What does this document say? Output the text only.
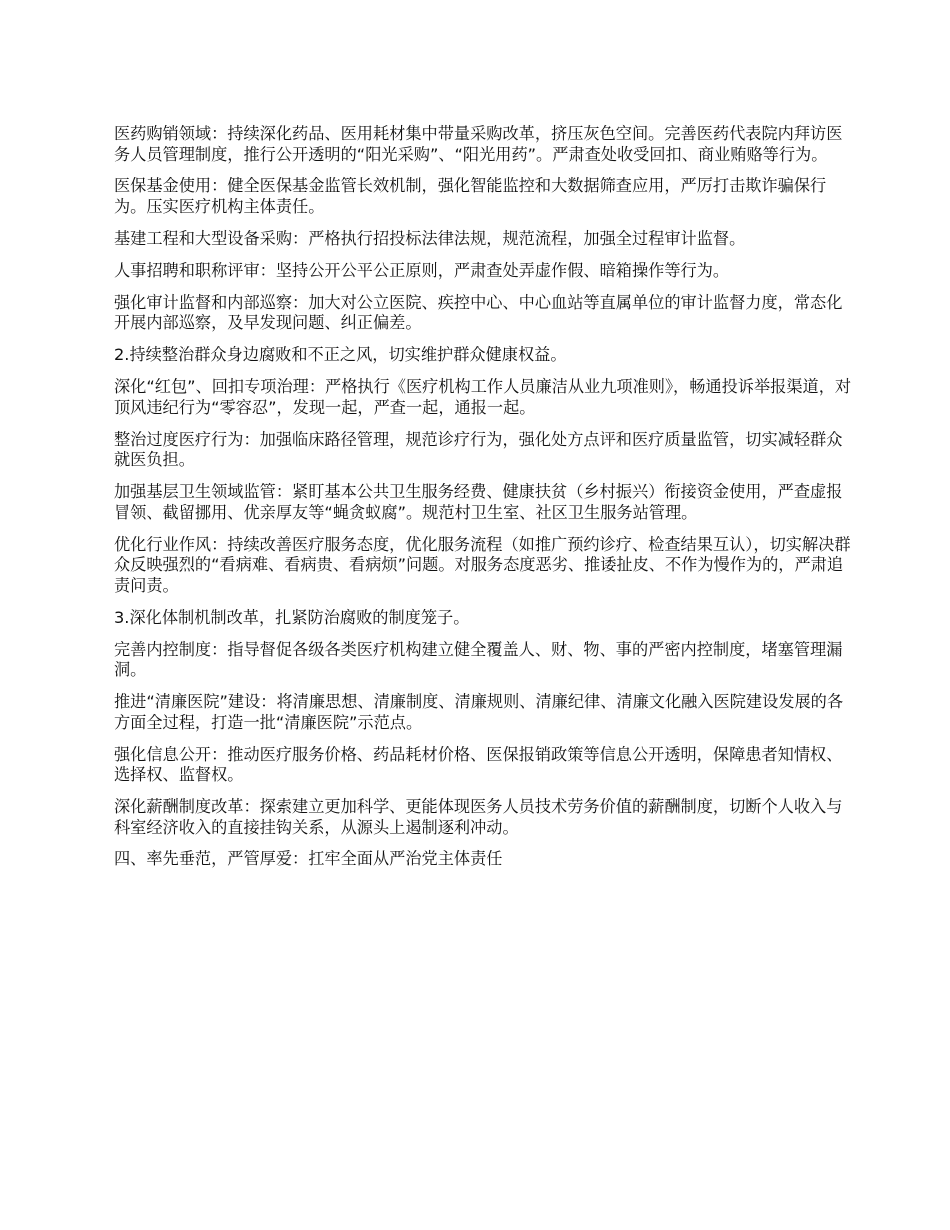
医药购销领域：持续深化药品、医用耗材集中带量采购改革，挤压灰色空间。完善医药代表院内拜访医务人员管理制度，推行公开透明的“阳光采购”、“阳光用药”。严肃查处收受回扣、商业贿赂等行为。

医保基金使用：健全医保基金监管长效机制，强化智能监控和大数据筛查应用，严厉打击欺诈骗保行为。压实医疗机构主体责任。

基建工程和大型设备采购：严格执行招投标法律法规，规范流程，加强全过程审计监督。

人事招聘和职称评审：坚持公开公平公正原则，严肃查处弄虚作假、暗箱操作等行为。

强化审计监督和内部巡察：加大对公立医院、疾控中心、中心血站等直属单位的审计监督力度，常态化开展内部巡察，及早发现问题、纠正偏差。

2.持续整治群众身边腐败和不正之风，切实维护群众健康权益。

深化“红包”、回扣专项治理：严格执行《医疗机构工作人员廉洁从业九项准则》，畅通投诉举报渠道，对顶风违纪行为“零容忍”，发现一起，严查一起，通报一起。

整治过度医疗行为：加强临床路径管理，规范诊疗行为，强化处方点评和医疗质量监管，切实减轻群众就医负担。

加强基层卫生领域监管：紧盯基本公共卫生服务经费、健康扶贫（乡村振兴）衔接资金使用，严查虚报冒领、截留挪用、优亲厚友等“蝇贪蚁腐”。规范村卫生室、社区卫生服务站管理。

优化行业作风：持续改善医疗服务态度，优化服务流程（如推广预约诊疗、检查结果互认），切实解决群众反映强烈的“看病难、看病贵、看病烦”问题。对服务态度恶劣、推诿扯皮、不作为慢作为的，严肃追责问责。

3.深化体制机制改革，扎紧防治腐败的制度笼子。

完善内控制度：指导督促各级各类医疗机构建立健全覆盖人、财、物、事的严密内控制度，堵塞管理漏洞。

推进“清廉医院”建设：将清廉思想、清廉制度、清廉规则、清廉纪律、清廉文化融入医院建设发展的各方面全过程，打造一批“清廉医院”示范点。

强化信息公开：推动医疗服务价格、药品耗材价格、医保报销政策等信息公开透明，保障患者知情权、选择权、监督权。

深化薪酬制度改革：探索建立更加科学、更能体现医务人员技术劳务价值的薪酬制度，切断个人收入与科室经济收入的直接挂钩关系，从源头上遏制逐利冲动。

四、率先垂范，严管厚爱：扛牢全面从严治党主体责任
